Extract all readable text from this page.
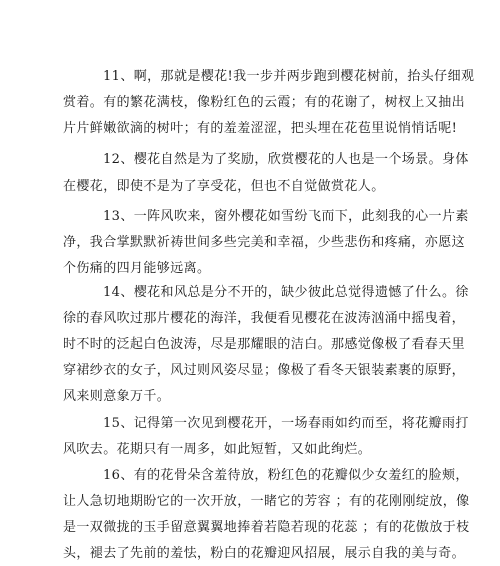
11、啊，那就是樱花!我一步并两步跑到樱花树前，抬头仔细观
赏着。有的繁花满枝，像粉红色的云霞；有的花谢了，树杈上又抽出
片片鲜嫩欲滴的树叶；有的羞羞涩涩，把头埋在花苞里说悄悄话呢!
12、樱花自然是为了奖励，欣赏樱花的人也是一个场景。身体
在樱花，即使不是为了享受花，但也不自觉做赏花人。
13、一阵风吹来，窗外樱花如雪纷飞而下，此刻我的心一片素
净，我合掌默默祈祷世间多些完美和幸福，少些悲伤和疼痛，亦愿这
个伤痛的四月能够远离。
14、樱花和风总是分不开的，缺少彼此总觉得遗憾了什么。徐
徐的春风吹过那片樱花的海洋，我便看见樱花在波涛汹涌中摇曳着，
时不时的泛起白色波涛，尽是那耀眼的洁白。那感觉像极了看春天里
穿裙纱衣的女子，风过则风姿尽显；像极了看冬天银装素裹的原野，
风来则意象万千。
15、记得第一次见到樱花开，一场春雨如约而至，将花瓣雨打
风吹去。花期只有一周多，如此短暂，又如此绚烂。
16、有的花骨朵含羞待放，粉红色的花瓣似少女羞红的脸颊，
让人急切地期盼它的一次开放，一睹它的芳容 ；有的花刚刚绽放，像
是一双微拢的玉手留意翼翼地捧着若隐若现的花蕊 ；有的花傲放于枝
头，褪去了先前的羞怯，粉白的花瓣迎风招展，展示自我的美与奇。
